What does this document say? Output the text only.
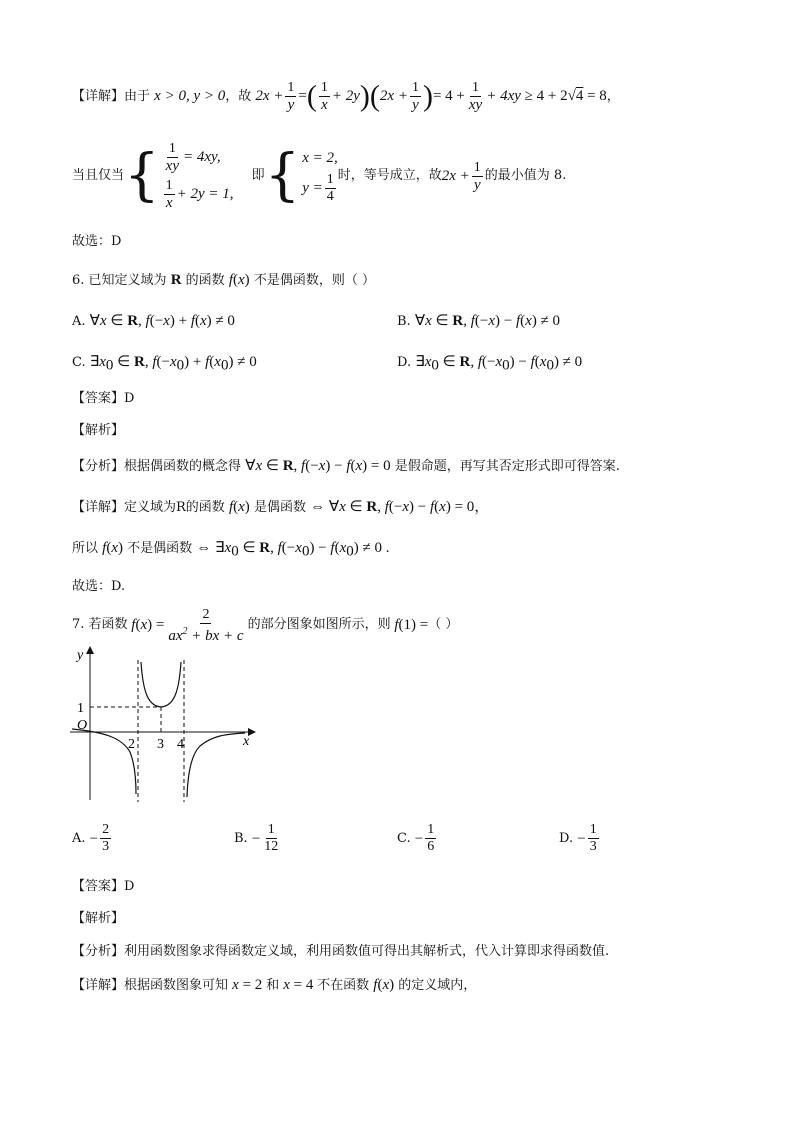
【详解】由于 x > 0, y > 0，故 $2x + \frac{1}{y}$ =( $\frac{1}{x} + 2y)(2x + \frac{1}{y}$ )= $4 + \frac{1}{xy} + 4xy \ge 4 + 2√4 = 8$，
当且仅当 { $\frac{1}{xy} = 4xy$,
$\frac{1}{x} + 2y = 1$,
即 { x = 2,
$y = \frac{1}{4}$ 时，等号成立，故 $2x + \frac{1}{y}$ 的最小值为 8.
故选：D
6. 已知定义域为 R 的函数 f(x) 不是偶函数，则（ ）
A. ∀x ∈ R, f(−x) + f(x) ≠ 0	B. ∀x ∈ R, f(−x) − f(x) ≠ 0
C. $\exists x_0$ ∈ R, $f(-x_0) + f(x_0) \ne 0$	D. $\exists x_0$ ∈ R, $f(-x_0) - f(x_0) \ne 0$
【答案】D
【解析】
【分析】根据偶函数的概念得 ∀x ∈ R, f(−x) − f(x) = 0 是假命题，再写其否定形式即可得答案.
【详解】定义域为R的函数 f(x) 是偶函数 ⇔ ∀x ∈ R, f(−x) − f(x) = 0，
所以 f(x) 不是偶函数 ⇔ $\exists x_0$ ∈ R, $f(-x_0) - f(x_0) \ne 0$ .
故选：D.
7. 若函数 f ( x ) = $\frac{2}{ax^2 + bx + c}$ 的部分图象如图所示，则 f (1) = （ ）
y
x
O
1
2 3 4
A.
− $\frac{2}{3}$	B.
− $\frac{1}{12}$	C.
− $\frac{1}{6}$	D.
− $\frac{1}{3}$
【答案】D
【解析】
【分析】利用函数图象求得函数定义域，利用函数值可得出其解析式，代入计算即求得函数值.
【详解】根据函数图象可知 x = 2 和 x = 4 不在函数 f(x) 的定义域内，
